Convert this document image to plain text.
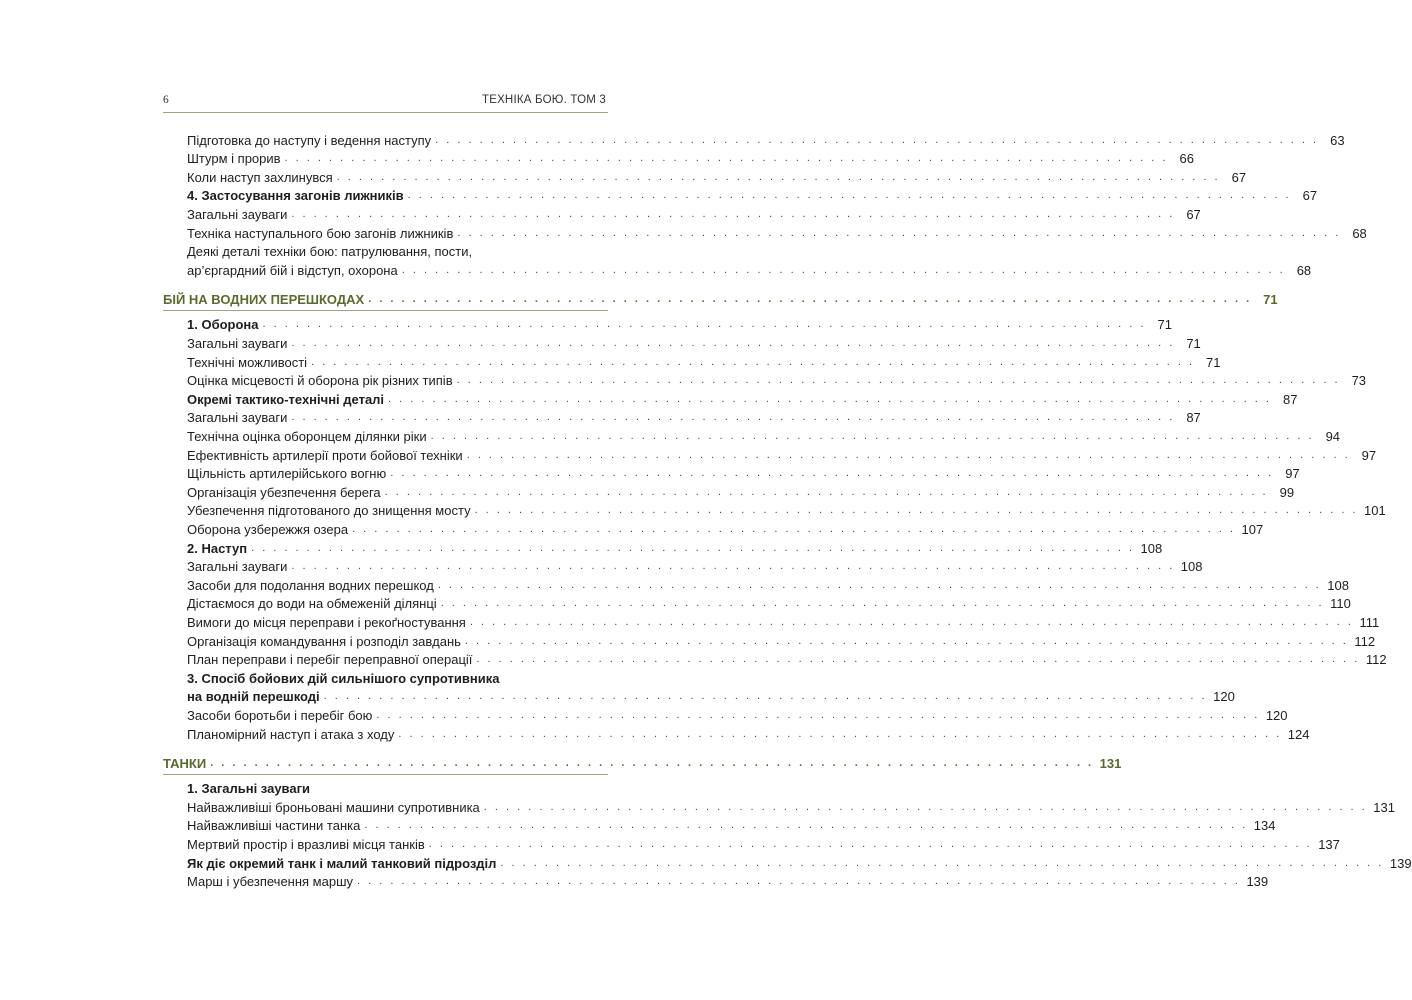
6	ТЕХНІКА БОЮ. ТОМ 3
Підготовка до наступу і ведення наступу . . . . . . . . . . . . . . . . . . . . . . . . . . . . . . . . . . . . . . . . . . . . . . . . . . . . . . . . . . . . . . . . . . . . . . . . . . . . . . . . 63
Штурм і прорив . . . . . . . . . . . . . . . . . . . . . . . . . . . . . . . . . . . . . . . . . . . . . . . . . . . . . . . . . . . . . . . . . . . . . . . . . . . . . . . . 66
Коли наступ захлинувся . . . . . . . . . . . . . . . . . . . . . . . . . . . . . . . . . . . . . . . . . . . . . . . . . . . . . . . . . . . . . . . . . . . . . . . . . . . . . . . . 67
4. Застосування загонів лижників . . . . . . . . . . . . . . . . . . . . . . . . . . . . . . . . . . . . . . . . . . . . . . . . . . . . . . . . . . . . . . . . . . . . . . . . . . . . . . . . 67
Загальні зауваги . . . . . . . . . . . . . . . . . . . . . . . . . . . . . . . . . . . . . . . . . . . . . . . . . . . . . . . . . . . . . . . . . . . . . . . . . . . . . . . . 67
Техніка наступального бою загонів лижників . . . . . . . . . . . . . . . . . . . . . . . . . . . . . . . . . . . . . . . . . . . . . . . . . . . . . . . . . . . . . . . . . . . . . . . . . . . . . . . . 68
Деякі деталі техніки бою: патрулювання, пости,
ар’єргардний бій і відступ, охорона . . . . . . . . . . . . . . . . . . . . . . . . . . . . . . . . . . . . . . . . . . . . . . . . . . . . . . . . . . . . . . . . . . . . . . . . . . . . . . . . 68
БІЙ НА ВОДНИХ ПЕРЕШКОДАХ . . . . . . . . . . . . . . . . . . . . . . . . . . . . . . . . . . . . . . . . . . . . . . . . . . . . . . . . . . . . . . . . . . . . . . . . . . . . . . . . 71
1. Оборона . . . . . . . . . . . . . . . . . . . . . . . . . . . . . . . . . . . . . . . . . . . . . . . . . . . . . . . . . . . . . . . . . . . . . . . . . . . . . . . . 71
Загальні зауваги . . . . . . . . . . . . . . . . . . . . . . . . . . . . . . . . . . . . . . . . . . . . . . . . . . . . . . . . . . . . . . . . . . . . . . . . . . . . . . . . 71
Технічні можливості . . . . . . . . . . . . . . . . . . . . . . . . . . . . . . . . . . . . . . . . . . . . . . . . . . . . . . . . . . . . . . . . . . . . . . . . . . . . . . . . 71
Оцінка місцевості й оборона рік різних типів . . . . . . . . . . . . . . . . . . . . . . . . . . . . . . . . . . . . . . . . . . . . . . . . . . . . . . . . . . . . . . . . . . . . . . . . . . . . . . . . 73
Окремі тактико-технічні деталі . . . . . . . . . . . . . . . . . . . . . . . . . . . . . . . . . . . . . . . . . . . . . . . . . . . . . . . . . . . . . . . . . . . . . . . . . . . . . . . . 87
Загальні зауваги . . . . . . . . . . . . . . . . . . . . . . . . . . . . . . . . . . . . . . . . . . . . . . . . . . . . . . . . . . . . . . . . . . . . . . . . . . . . . . . . 87
Технічна оцінка оборонцем ділянки ріки . . . . . . . . . . . . . . . . . . . . . . . . . . . . . . . . . . . . . . . . . . . . . . . . . . . . . . . . . . . . . . . . . . . . . . . . . . . . . . . . 94
Ефективність артилерії проти бойової техніки . . . . . . . . . . . . . . . . . . . . . . . . . . . . . . . . . . . . . . . . . . . . . . . . . . . . . . . . . . . . . . . . . . . . . . . . . . . . . . . . 97
Щільність артилерійського вогню . . . . . . . . . . . . . . . . . . . . . . . . . . . . . . . . . . . . . . . . . . . . . . . . . . . . . . . . . . . . . . . . . . . . . . . . . . . . . . . . 97
Організація убезпечення берега . . . . . . . . . . . . . . . . . . . . . . . . . . . . . . . . . . . . . . . . . . . . . . . . . . . . . . . . . . . . . . . . . . . . . . . . . . . . . . . . 99
Убезпечення підготованого до знищення мосту . . . . . . . . . . . . . . . . . . . . . . . . . . . . . . . . . . . . . . . . . . . . . . . . . . . . . . . . . . . . . . . . . . . . . . . . . . . . . . . . 101
Оборона узбережжя озера . . . . . . . . . . . . . . . . . . . . . . . . . . . . . . . . . . . . . . . . . . . . . . . . . . . . . . . . . . . . . . . . . . . . . . . . . . . . . . . . 107
2. Наступ . . . . . . . . . . . . . . . . . . . . . . . . . . . . . . . . . . . . . . . . . . . . . . . . . . . . . . . . . . . . . . . . . . . . . . . . . . . . . . . . 108
Загальні зауваги . . . . . . . . . . . . . . . . . . . . . . . . . . . . . . . . . . . . . . . . . . . . . . . . . . . . . . . . . . . . . . . . . . . . . . . . . . . . . . . . 108
Засоби для подолання водних перешкод . . . . . . . . . . . . . . . . . . . . . . . . . . . . . . . . . . . . . . . . . . . . . . . . . . . . . . . . . . . . . . . . . . . . . . . . . . . . . . . . 108
Дістаємося до води на обмеженій ділянці . . . . . . . . . . . . . . . . . . . . . . . . . . . . . . . . . . . . . . . . . . . . . . . . . . . . . . . . . . . . . . . . . . . . . . . . . . . . . . . . 110
Вимоги до місця переправи і рекоґностування . . . . . . . . . . . . . . . . . . . . . . . . . . . . . . . . . . . . . . . . . . . . . . . . . . . . . . . . . . . . . . . . . . . . . . . . . . . . . . . . 111
Організація командування і розподіл завдань . . . . . . . . . . . . . . . . . . . . . . . . . . . . . . . . . . . . . . . . . . . . . . . . . . . . . . . . . . . . . . . . . . . . . . . . . . . . . . . . 112
План переправи і перебіг переправної операції . . . . . . . . . . . . . . . . . . . . . . . . . . . . . . . . . . . . . . . . . . . . . . . . . . . . . . . . . . . . . . . . . . . . . . . . . . . . . . . . 112
3. Спосіб бойових дій сильнішого супротивника
на водній перешкоді . . . . . . . . . . . . . . . . . . . . . . . . . . . . . . . . . . . . . . . . . . . . . . . . . . . . . . . . . . . . . . . . . . . . . . . . . . . . . . . . 120
Засоби боротьби і перебіг бою . . . . . . . . . . . . . . . . . . . . . . . . . . . . . . . . . . . . . . . . . . . . . . . . . . . . . . . . . . . . . . . . . . . . . . . . . . . . . . . . 120
Планомірний наступ і атака з ходу . . . . . . . . . . . . . . . . . . . . . . . . . . . . . . . . . . . . . . . . . . . . . . . . . . . . . . . . . . . . . . . . . . . . . . . . . . . . . . . . 124
ТАНКИ . . . . . . . . . . . . . . . . . . . . . . . . . . . . . . . . . . . . . . . . . . . . . . . . . . . . . . . . . . . . . . . . . . . . . . . . . . . . . . . . 131
1. Загальні зауваги
Найважливіші броньовані машини супротивника . . . . . . . . . . . . . . . . . . . . . . . . . . . . . . . . . . . . . . . . . . . . . . . . . . . . . . . . . . . . . . . . . . . . . . . . . . . . . . . . 131
Найважливіші частини танка . . . . . . . . . . . . . . . . . . . . . . . . . . . . . . . . . . . . . . . . . . . . . . . . . . . . . . . . . . . . . . . . . . . . . . . . . . . . . . . . 134
Мертвий простір і вразливі місця танків . . . . . . . . . . . . . . . . . . . . . . . . . . . . . . . . . . . . . . . . . . . . . . . . . . . . . . . . . . . . . . . . . . . . . . . . . . . . . . . . 137
Як діє окремий танк і малий танковий підрозділ . . . . . . . . . . . . . . . . . . . . . . . . . . . . . . . . . . . . . . . . . . . . . . . . . . . . . . . . . . . . . . . . . . . . . . . . . . . . . . . . 139
Марш і убезпечення маршу . . . . . . . . . . . . . . . . . . . . . . . . . . . . . . . . . . . . . . . . . . . . . . . . . . . . . . . . . . . . . . . . . . . . . . . . . . . . . . . . 139
